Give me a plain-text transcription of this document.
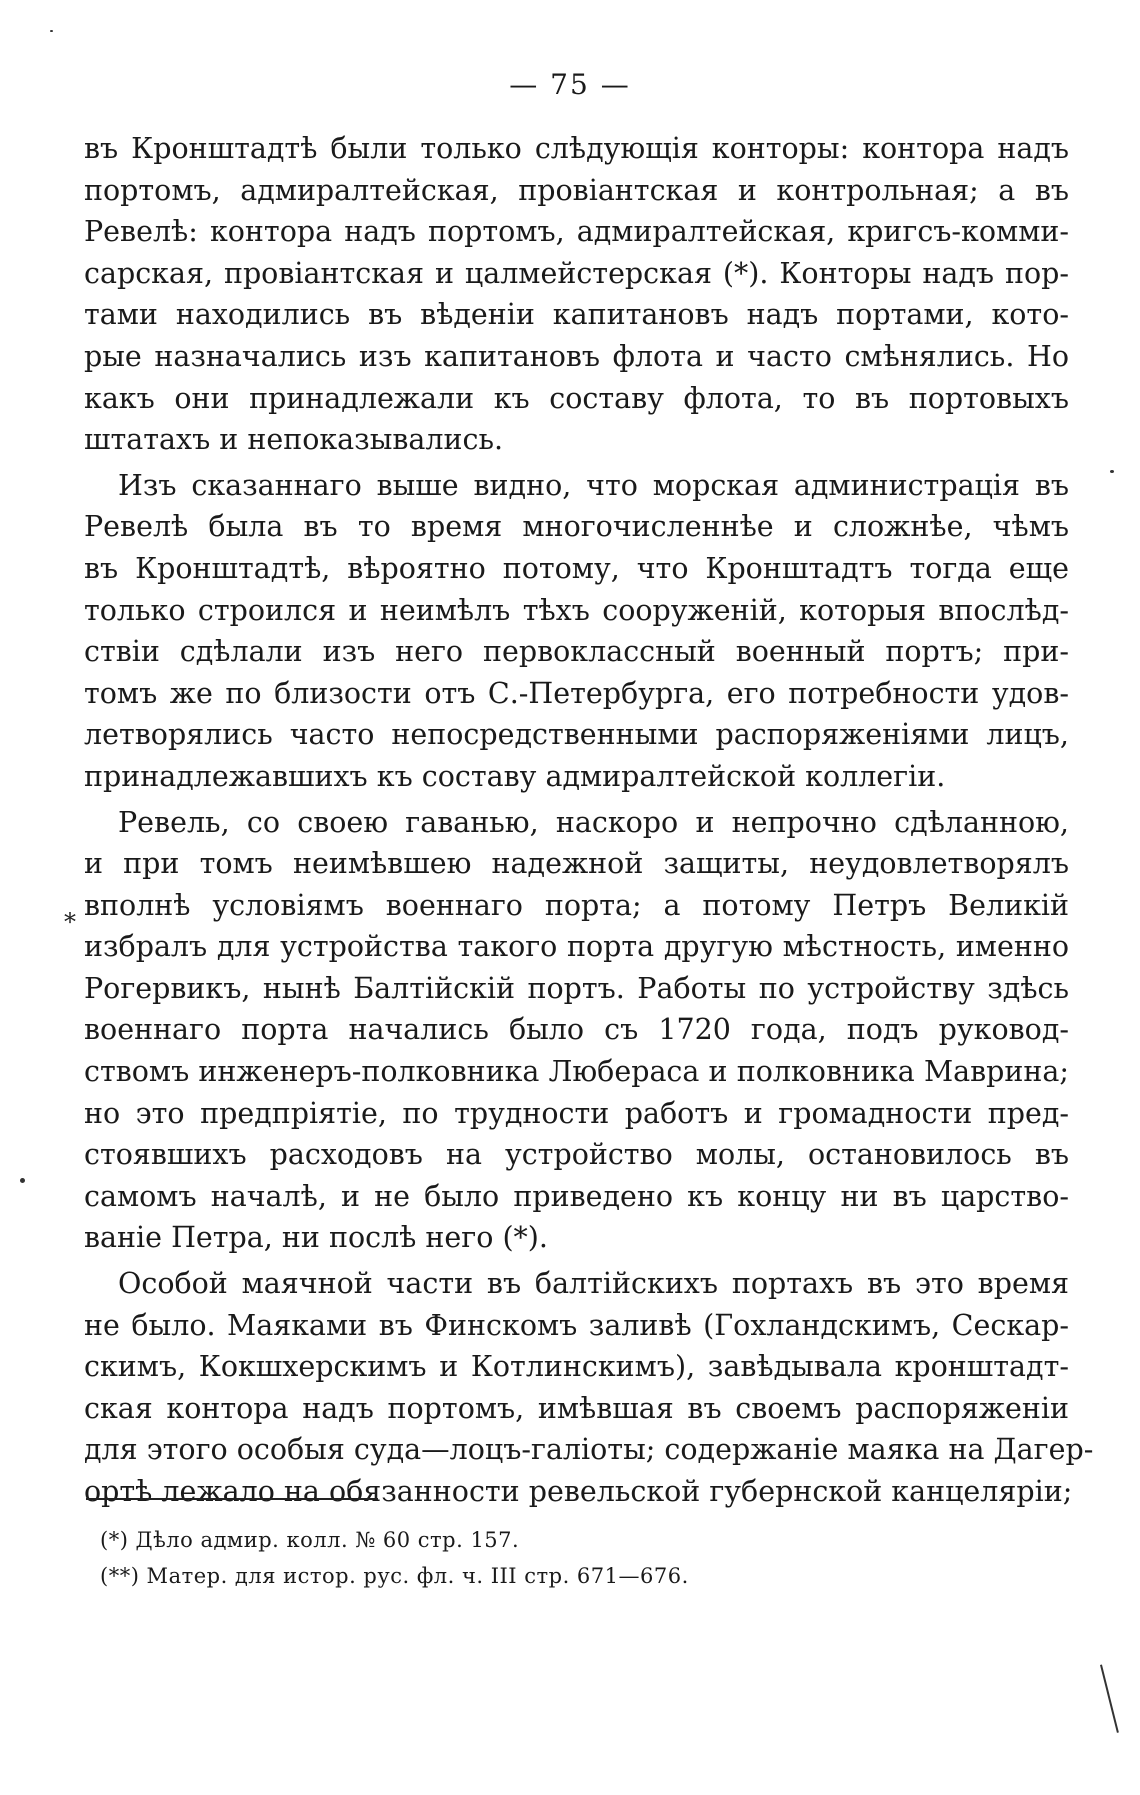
— 75 —
въ Кронштадтѣ были только слѣдующія конторы: контора надъ
портомъ, адмиралтейская, провіантская и контрольная; а въ
Ревелѣ: контора надъ портомъ, адмиралтейская, кригсъ-комми-
сарская, провіантская и цалмейстерская (*). Конторы надъ пор-
тами находились въ вѣденіи капитановъ надъ портами, кото-
рые назначались изъ капитановъ флота и часто смѣнялись. Но
какъ они принадлежали къ составу флота, то въ портовыхъ
штатахъ и непоказывались.
Изъ сказаннаго выше видно, что морская администрація въ
Ревелѣ была въ то время многочисленнѣе и сложнѣе, чѣмъ
въ Кронштадтѣ, вѣроятно потому, что Кронштадтъ тогда еще
только строился и неимѣлъ тѣхъ сооруженій, которыя впослѣд-
ствіи сдѣлали изъ него первоклассный военный портъ; при-
томъ же по близости отъ С.-Петербурга, его потребности удов-
летворялись часто непосредственными распоряженіями лицъ,
принадлежавшихъ къ составу адмиралтейской коллегіи.
Ревель, со своею гаванью, наскоро и непрочно сдѣланною,
и при томъ неимѣвшею надежной защиты, неудовлетворялъ
вполнѣ условіямъ военнаго порта; а потому Петръ Великій
избралъ для устройства такого порта другую мѣстность, именно
Рогервикъ, нынѣ Балтійскій портъ. Работы по устройству здѣсь
военнаго порта начались было съ 1720 года, подъ руковод-
ствомъ инженеръ-полковника Любераса и полковника Маврина;
но это предпріятіе, по трудности работъ и громадности пред-
стоявшихъ расходовъ на устройство молы, остановилось въ
самомъ началѣ, и не было приведено къ концу ни въ царство-
ваніе Петра, ни послѣ него (*).
Особой маячной части въ балтійскихъ портахъ въ это время
не было. Маяками въ Финскомъ заливѣ (Гохландскимъ, Сескар-
скимъ, Кокшхерскимъ и Котлинскимъ), завѣдывала кронштадт-
ская контора надъ портомъ, имѣвшая въ своемъ распоряженіи
для этого особыя суда—лоцъ-галіоты; содержаніе маяка на Дагер-
ортѣ лежало на обязанности ревельской губернской канцеляріи;
(*) Дѣло адмир. колл. № 60 стр. 157.
(**) Матер. для истор. рус. фл. ч. III стр. 671—676.
*
